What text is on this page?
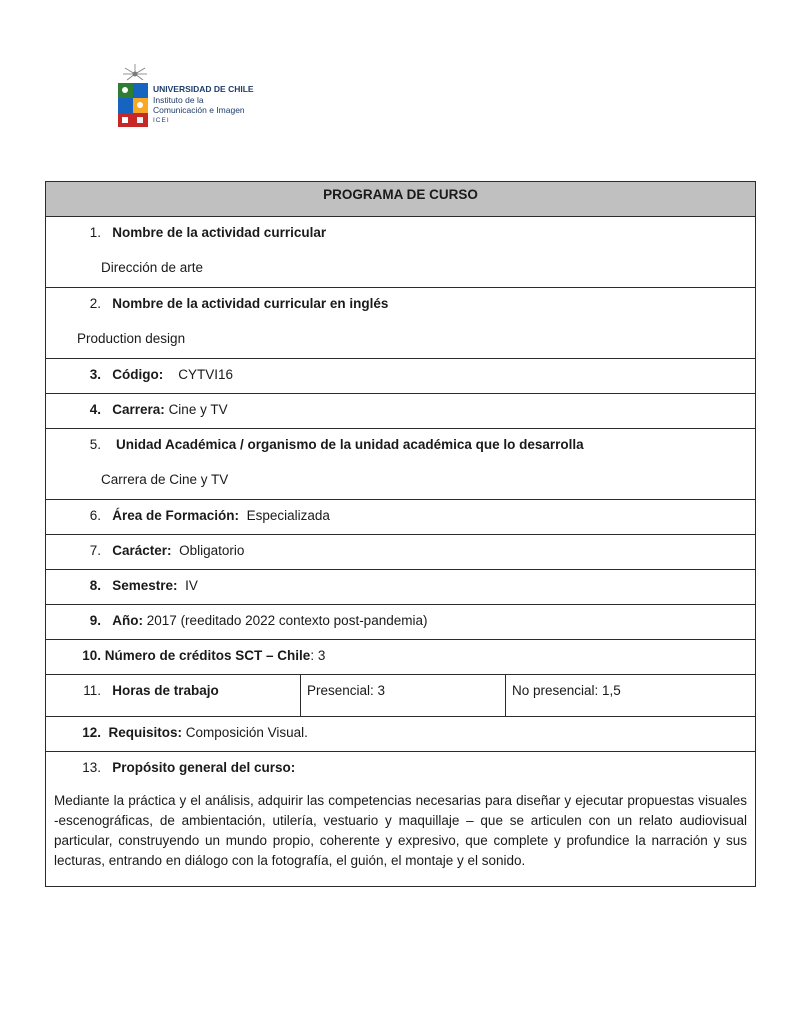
UNIVERSIDAD DE CHILE
Instituto de la
Comunicación e Imagen
ICEI
PROGRAMA DE CURSO

1. Nombre de la actividad curricular
Dirección de arte

2. Nombre de la actividad curricular en inglés
Production design

3. Código: CYTVI16

4. Carrera: Cine y TV

5. Unidad Académica / organismo de la unidad académica que lo desarrolla
Carrera de Cine y TV

6. Área de Formación: Especializada

7. Carácter: Obligatorio

8. Semestre: IV

9. Año: 2017 (reeditado 2022 contexto post-pandemia)

10. Número de créditos SCT – Chile: 3

11. Horas de trabajo	Presencial: 3	No presencial: 1,5

12. Requisitos: Composición Visual.

13. Propósito general del curso:
Mediante la práctica y el análisis, adquirir las competencias necesarias para diseñar y ejecutar propuestas visuales -escenográficas, de ambientación, utilería, vestuario y maquillaje – que se articulen con un relato audiovisual particular, construyendo un mundo propio, coherente y expresivo, que complete y profundice la narración y sus lecturas, entrando en diálogo con la fotografía, el guión, el montaje y el sonido.
